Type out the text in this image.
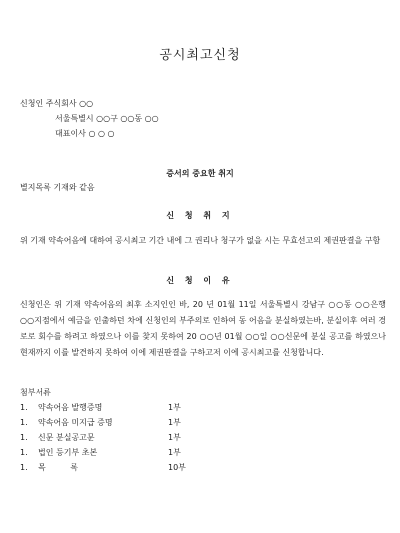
공시최고신청
신청인 주식회사 ○○
서울특별시 ○○구 ○○동 ○○
대표이사 ○ ○ ○
증서의 중요한 취지
별지목록 기재와 같음
신 청 취 지
위 기재 약속어음에 대하여 공시최고 기간 내에 그 권리나 청구가 없을 시는 무효선고의 제권판결을 구함
신 청 이 유
신청인은 위 기재 약속어음의 최후 소지인인 바, 20 년 01월 11일 서울특별시 강남구 ○○동 ○○은행 ○○지점에서 예금을 인출하던 차에 신청인의 부주의로 인하여 동 어음을 분실하였는바, 분실이후 여러 경로로 회수를 하려고 하였으나 이를 찾지 못하여 20 ○○년 01월 ○○일 ○○신문에 분실 공고를 하였으나 현재까지 이를 발견하지 못하여 이에 제권판결을 구하고저 이에 공시최고를 신청합니다.
첨부서류
1.	약속어음 발행증명	1부
1.	약속어음 미지급 증명	1부
1.	신문 분실공고문	1부
1.	법인 등기부 초본	1부
1.	목 록	10부
